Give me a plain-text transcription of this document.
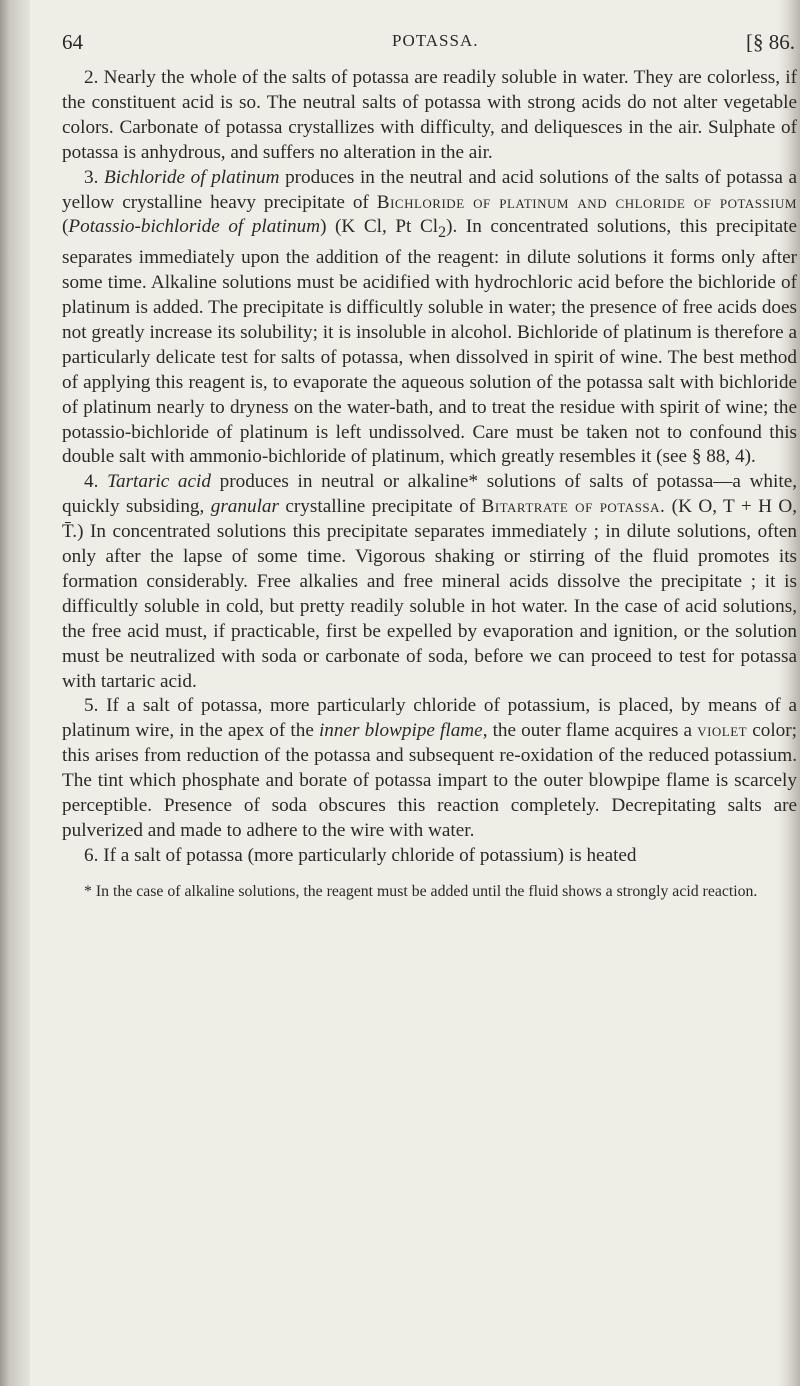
64	POTASSA.	[§ 86.

2. Nearly the whole of the salts of potassa are readily soluble in water. They are colorless, if the constituent acid is so. The neutral salts of potassa with strong acids do not alter vegetable colors. Carbonate of potassa crystallizes with difficulty, and deliquesces in the air. Sulphate of potassa is anhydrous, and suffers no alteration in the air.

3. Bichloride of platinum produces in the neutral and acid solutions of the salts of potassa a yellow crystalline heavy precipitate of Bichloride of platinum and chloride of potassium (Potassio-bichloride of platinum) (K Cl, Pt $Cl_2$). In concentrated solutions, this precipitate separates immediately upon the addition of the reagent: in dilute solutions it forms only after some time. Alkaline solutions must be acidified with hydrochloric acid before the bichloride of platinum is added. The precipitate is difficultly soluble in water; the presence of free acids does not greatly increase its solubility; it is insoluble in alcohol. Bichloride of platinum is therefore a particularly delicate test for salts of potassa, when dissolved in spirit of wine. The best method of applying this reagent is, to evaporate the aqueous solution of the potassa salt with bichloride of platinum nearly to dryness on the water-bath, and to treat the residue with spirit of wine; the potassio-bichloride of platinum is left undissolved. Care must be taken not to confound this double salt with ammonio-bichloride of platinum, which greatly resembles it (see § 88, 4).

4. Tartaric acid produces in neutral or alkaline* solutions of salts of potassa—a white, quickly subsiding, granular crystalline precipitate of Bitartrate of potassa. (K O, T + H O, T̄.) In concentrated solutions this precipitate separates immediately ; in dilute solutions, often only after the lapse of some time. Vigorous shaking or stirring of the fluid promotes its formation considerably. Free alkalies and free mineral acids dissolve the precipitate ; it is difficultly soluble in cold, but pretty readily soluble in hot water. In the case of acid solutions, the free acid must, if practicable, first be expelled by evaporation and ignition, or the solution must be neutralized with soda or carbonate of soda, before we can proceed to test for potassa with tartaric acid.

5. If a salt of potassa, more particularly chloride of potassium, is placed, by means of a platinum wire, in the apex of the inner blowpipe flame, the outer flame acquires a violet color; this arises from reduction of the potassa and subsequent re-oxidation of the reduced potassium. The tint which phosphate and borate of potassa impart to the outer blowpipe flame is scarcely perceptible. Presence of soda obscures this reaction completely. Decrepitating salts are pulverized and made to adhere to the wire with water.

6. If a salt of potassa (more particularly chloride of potassium) is heated

* In the case of alkaline solutions, the reagent must be added until the fluid shows a strongly acid reaction.
